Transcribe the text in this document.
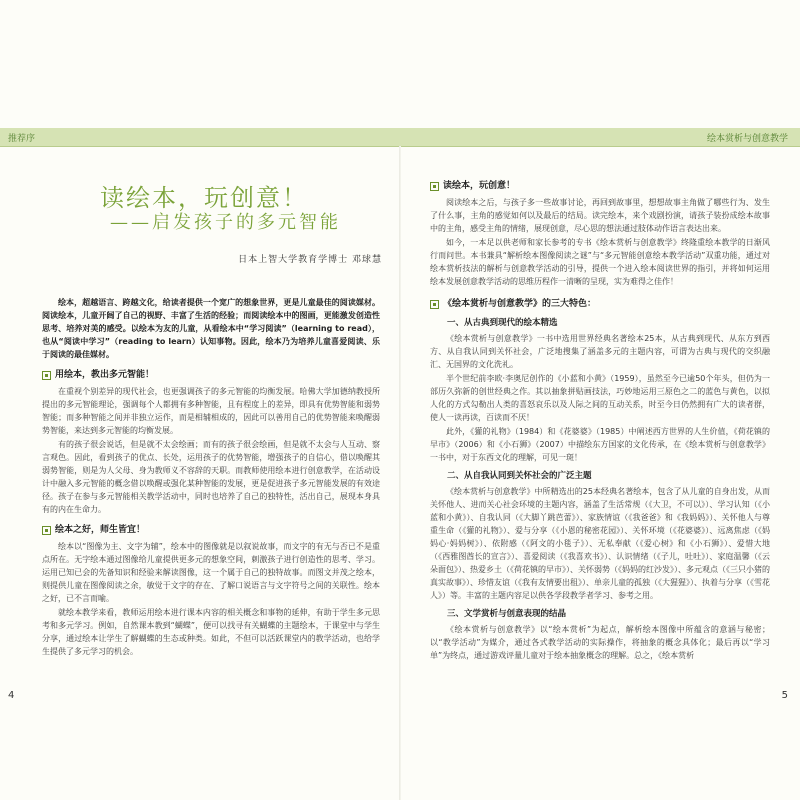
推荐序	绘本赏析与创意教学
读绘本，玩创意！
——启发孩子的多元智能
日本上智大学教育学博士 邓球慧

绘本，超越语言、跨越文化，给读者提供一个宽广的想象世界，更是儿童最佳的阅读媒材。阅读绘本，儿童开阔了自己的视野、丰富了生活的经验；而阅读绘本中的图画，更能激发创造性思考、培养对美的感受。以绘本为友的儿童，从看绘本中“学习阅读”（learning to read），也从“阅读中学习”（reading to learn）认知事物。因此，绘本乃为培养儿童喜爱阅读、乐于阅读的最佳媒材。

用绘本，教出多元智能！

在重视个别差异的现代社会，也更强调孩子的多元智能的均衡发展。哈佛大学加德纳教授所提出的多元智能理论，强调每个人都拥有多种智能，且有程度上的差异，即具有优势智能和弱势智能；而多种智能之间并非独立运作，而是相辅相成的，因此可以善用自己的优势智能来唤醒弱势智能，来达到多元智能的均衡发展。

有的孩子很会说话，但是就不太会绘画；而有的孩子很会绘画，但是就不太会与人互动、察言观色。因此，看到孩子的优点、长处，运用孩子的优势智能，增强孩子的自信心，借以唤醒其弱势智能，则是为人父母、身为教师义不容辞的天职。而教师使用绘本进行创意教学，在活动设计中融入多元智能的概念借以唤醒或强化某种智能的发展，更是促进孩子多元智能发展的有效途径。孩子在参与多元智能相关教学活动中，同时也培养了自己的独特性，活出自己，展现本身具有的内在生命力。

绘本之好，师生皆宜！

绘本以“图像为主、文字为辅”，绘本中的图像就是以叙说故事，而文字的有无与否已不是重点所在。无字绘本通过图像给儿童提供更多元的想象空间，刺激孩子进行创造性的思考、学习。运用已知已会的先备知识和经验来解读图像，这一个属于自己的独特故事。而图文并茂之绘本，则提供儿童在图像阅读之余，敏觉于文字的存在、了解口说语言与文字符号之间的关联性。绘本之好，已不言而喻。

就绘本教学来看，教师运用绘本进行课本内容的相关概念和事物的延伸，有助于学生多元思考和多元学习。例如，自然课本教到“蝴蝶”，便可以找寻有关蝴蝶的主题绘本，于课堂中与学生分享，通过绘本让学生了解蝴蝶的生态或种类。如此，不但可以活跃课堂内的教学活动，也给学生提供了多元学习的机会。

读绘本，玩创意！

阅读绘本之后，与孩子多一些故事讨论，再回到故事里，想想故事主角做了哪些行为、发生了什么事，主角的感觉如何以及最后的结局。读完绘本，来个戏剧扮演，请孩子装扮成绘本故事中的主角，感受主角的情绪，展现创意，尽心思的想法通过肢体动作语言表达出来。

如今，一本足以供老师和家长参考的专书《绘本赏析与创意教学》终隆重绘本教学的日渐风行而问世。本书兼具“解析绘本图像阅读之谜”与“多元智能创意绘本教学活动”双重功能，通过对绘本赏析技法的解析与创意教学活动的引导，提供一个进入绘本阅读世界的指引，并将如何运用绘本发展创意教学活动的思维历程作一清晰的呈现，实为难得之佳作！

《绘本赏析与创意教学》的三大特色：
一、从古典到现代的绘本精选

《绘本赏析与创意教学》一书中选用世界经典名著绘本25本，从古典到现代、从东方到西方、从自我认同到关怀社会，广泛地搜集了涵盖多元的主题内容，可谓为古典与现代的交织融汇、无国界的文化洗礼。

半个世纪前李欧·李奥尼创作的《小蓝和小黄》（1959），虽然至今已逾50个年头，但仍为一部历久弥新的创世经典之作。其以抽象拼贴画技法，巧妙地运用三原色之二的蓝色与黄色，以拟人化的方式勾勒出人类的喜怒哀乐以及人际之间的互动关系，时至今日仍然拥有广大的读者群，使人一读再读，百读而不厌！

此外，《獾的礼物》（1984）和《花婆婆》（1985）中阐述西方世界的人生价值，《荷花镇的早市》（2006）和《小石狮》（2007）中描绘东方国家的文化传承，在《绘本赏析与创意教学》一书中，对于东西文化的理解，可见一斑！

二、从自我认同到关怀社会的广泛主题

《绘本赏析与创意教学》中所精选出的25本经典名著绘本，包含了从儿童的自身出发，从而关怀他人、进而关心社会环境的主题内容，涵盖了生活常规（《大卫，不可以》）、学习认知（《小蓝和小黄》）、自我认同（《大脚丫跳芭蕾》）、家族情谊（《我爸爸》和《我妈妈》）、关怀他人与尊重生命（《獾的礼物》）、爱与分享（《小恩的秘密花园》）、关怀环境（《花婆婆》）、远离焦虑（《妈妈心·妈妈树》）、依附感（《阿文的小毯子》）、无私奉献（《爱心树》和《小石狮》）、爱惜大地（《西雅图酋长的宣言》）、喜爱阅读（《我喜欢书》）、认识情绪（《子儿，吐吐》）、家庭温馨（《云朵面包》）、热爱乡土（《荷花镇的早市》）、关怀弱势（《妈妈的红沙发》）、多元观点（《三只小猪的真实故事》）、珍惜友谊（《我有友情要出租》）、单亲儿童的孤独（《大猩猩》）、执着与分享（《雪花人》）等。丰富的主题内容足以供各学段教学者学习、参考之用。

三、文学赏析与创意表现的结晶

《绘本赏析与创意教学》以“绘本赏析”为起点，解析绘本图像中所蕴含的意涵与秘密；以“教学活动”为媒介，通过各式教学活动的实际操作，将抽象的概念具体化；最后再以“学习单”为终点，通过游戏评量儿童对于绘本抽象概念的理解。总之，《绘本赏析

4	5
